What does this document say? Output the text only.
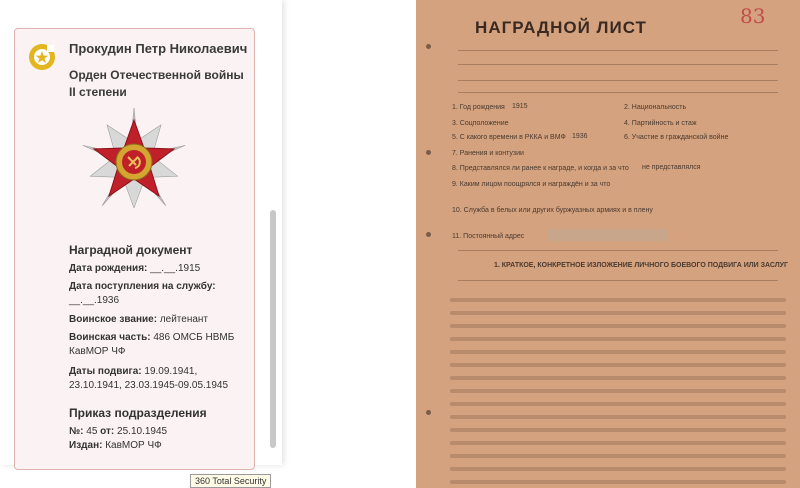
Прокудин Петр Николаевич
Орден Отечественной войны II степени
Наградной документ
Дата рождения: __.__.1915
Дата поступления на службу: __.__.1936
Воинское звание: лейтенант
Воинская часть: 486 ОМСБ НВМБ КавМОР ЧФ
Даты подвига: 19.09.1941, 23.10.1941, 23.03.1945-09.05.1945
Приказ подразделения
№: 45 от: 25.10.1945
Издан: КавМОР ЧФ
360 Total Security
НАГРАДНОЙ ЛИСТ	83
1. Год рождения 1915	2. Национальность
3. Соцположение	4. Партийность и стаж
5. С какого времени в РККА и ВМФ 1936	6. Участие в гражданской войне
7. Ранения и контузии
8. Представлялся ли ранее к награде, и когда и за что не представлялся
9. Каким лицом поощрялся и награждён и за что
10. Служба в белых или других буржуазных армиях и в плену
11. Постоянный адрес
1. КРАТКОЕ, КОНКРЕТНОЕ ИЗЛОЖЕНИЕ ЛИЧНОГО БОЕВОГО ПОДВИГА ИЛИ ЗАСЛУГ
